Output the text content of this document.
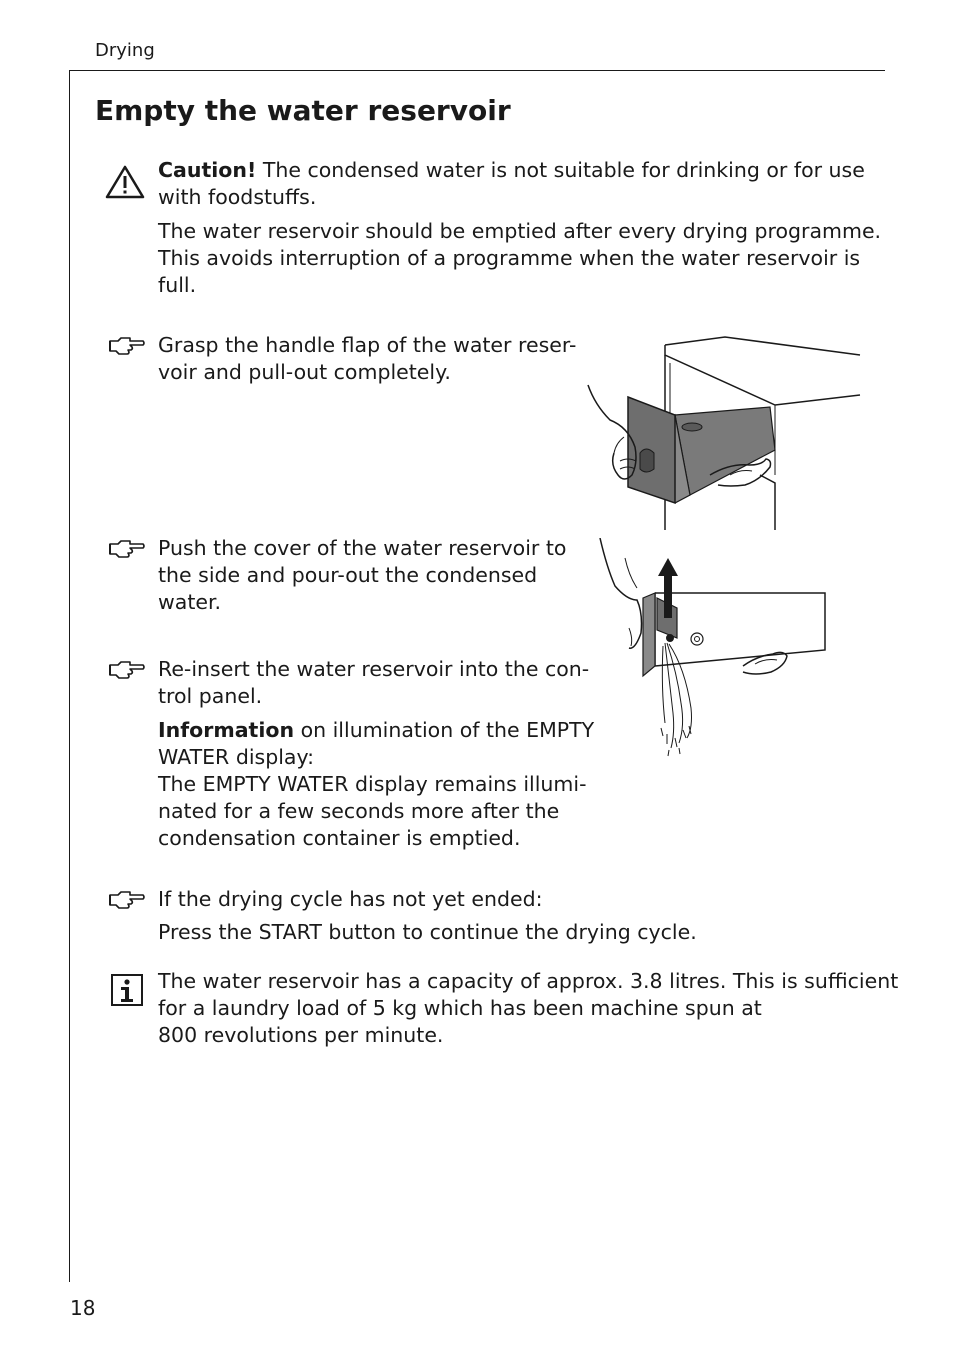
Drying
Empty the water reservoir
Caution! The condensed water is not suitable for drinking or for use
with foodstuffs.
The water reservoir should be emptied after every drying programme.
This avoids interruption of a programme when the water reservoir is
full.
Grasp the handle flap of the water reser-
voir and pull-out completely.
Push the cover of the water reservoir to
the side and pour-out the condensed
water.
Re-insert the water reservoir into the con-
trol panel.
Information on illumination of the EMPTY
WATER display:
The EMPTY WATER display remains illumi-
nated for a few seconds more after the
condensation container is emptied.
If the drying cycle has not yet ended:
Press the START button to continue the drying cycle.
The water reservoir has a capacity of approx. 3.8 litres. This is sufficient
for a laundry load of 5 kg which has been machine spun at
800 revolutions per minute.
18
